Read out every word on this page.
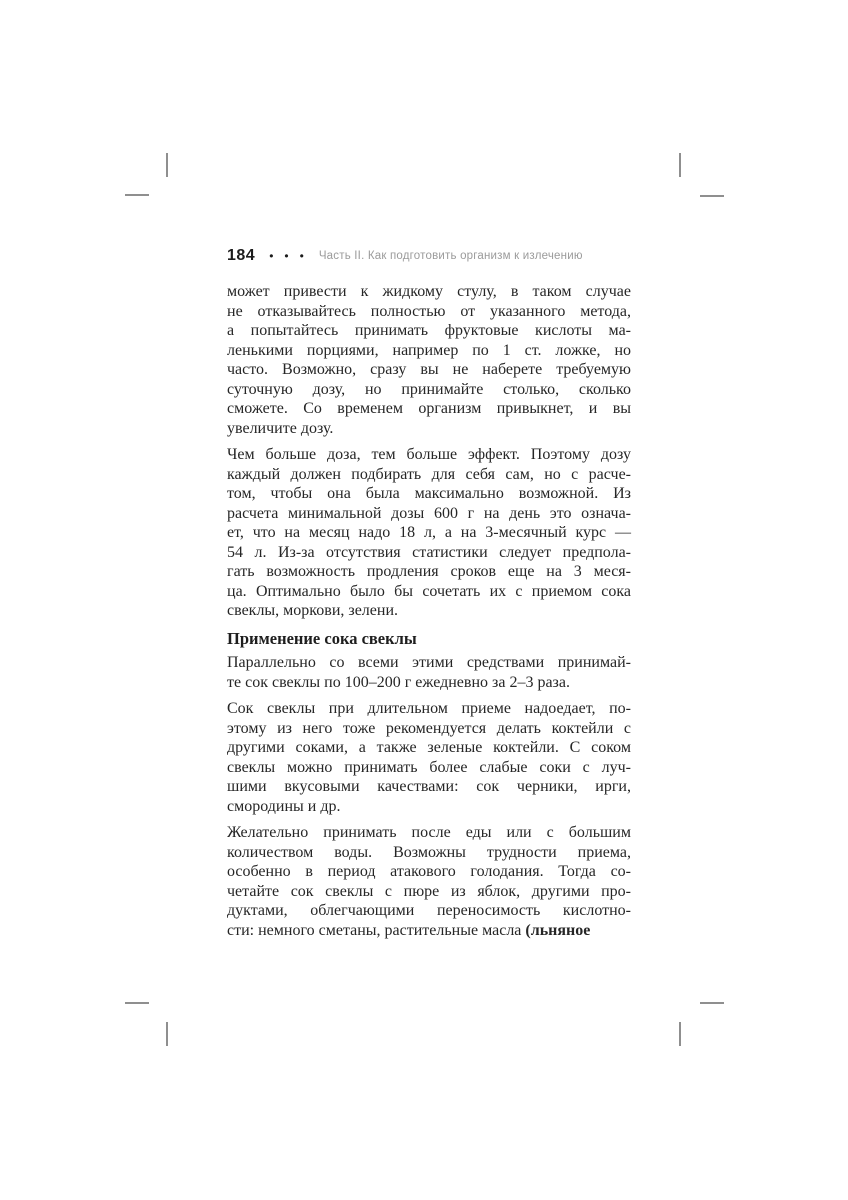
184 • • • Часть II. Как подготовить организм к излечению
может привести к жидкому стулу, в таком случае
не отказывайтесь полностью от указанного метода,
а попытайтесь принимать фруктовые кислоты ма-
ленькими порциями, например по 1 ст. ложке, но
часто. Возможно, сразу вы не наберете требуемую
суточную дозу, но принимайте столько, сколько
сможете. Со временем организм привыкнет, и вы
увеличите дозу.
Чем больше доза, тем больше эффект. Поэтому дозу
каждый должен подбирать для себя сам, но с расче-
том, чтобы она была максимально возможной. Из
расчета минимальной дозы 600 г на день это означа-
ет, что на месяц надо 18 л, а на 3-месячный курс —
54 л. Из-за отсутствия статистики следует предпола-
гать возможность продления сроков еще на 3 меся-
ца. Оптимально было бы сочетать их с приемом сока
свеклы, моркови, зелени.
Применение сока свеклы
Параллельно со всеми этими средствами принимай-
те сок свеклы по 100–200 г ежедневно за 2–3 раза.
Сок свеклы при длительном приеме надоедает, по-
этому из него тоже рекомендуется делать коктейли с
другими соками, а также зеленые коктейли. С соком
свеклы можно принимать более слабые соки с луч-
шими вкусовыми качествами: сок черники, ирги,
смородины и др.
Желательно принимать после еды или с большим
количеством воды. Возможны трудности приема,
особенно в период атакового голодания. Тогда со-
четайте сок свеклы с пюре из яблок, другими про-
дуктами, облегчающими переносимость кислотно-
сти: немного сметаны, растительные масла (льняное
